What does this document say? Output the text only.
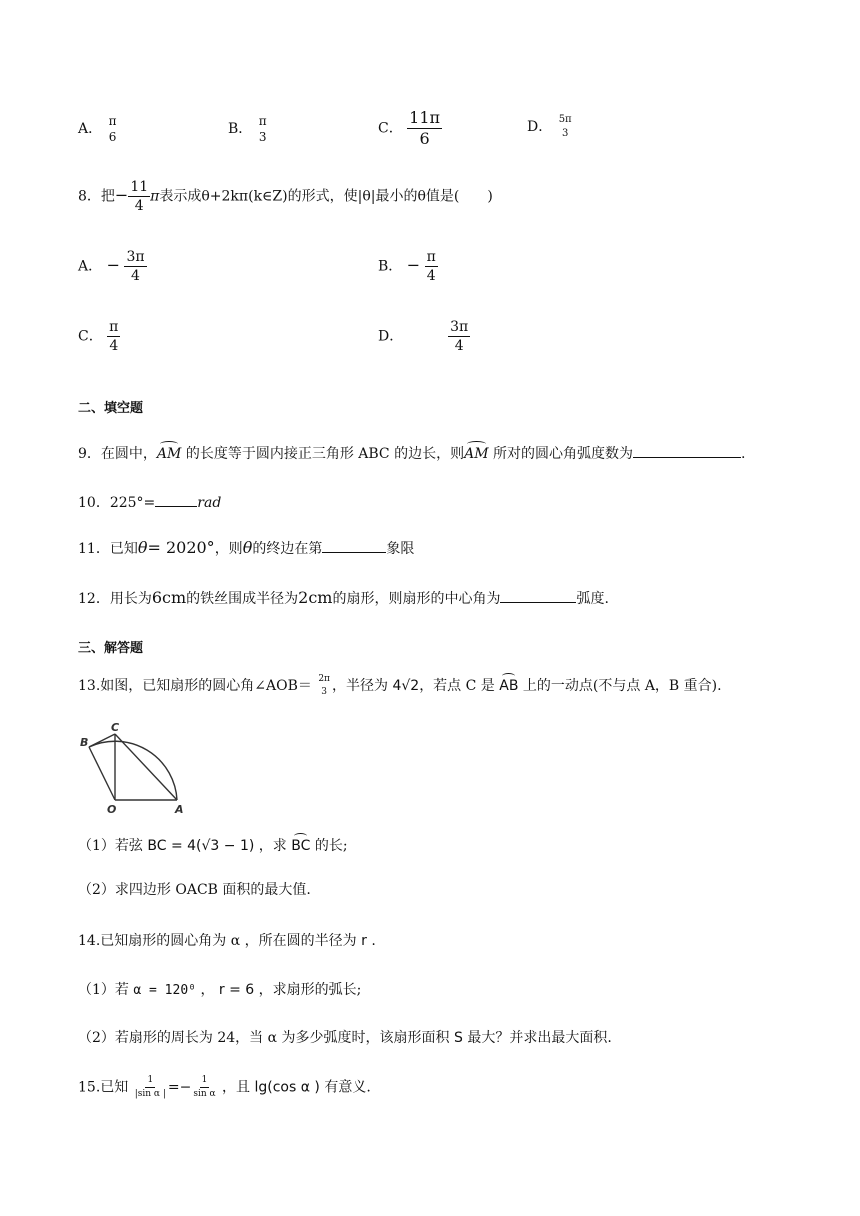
A． π
6	B． π
3
C． $\frac{11\pi}{6}$	D． 5π
3
8．把− $\frac{11}{4}$ π表示成θ+2kπ(k∈Z)的形式，使|θ|最小的θ值是(　　)
A． − $\frac{3\pi}{4}$	B． − $\frac{\pi}{4}$
C． $\frac{\pi}{4}$	D．	$\frac{3\pi}{4}$
二、填空题
9．在圆中，AM 的长度等于圆内接正三角形 ABC 的边长，则AM 所对的圆心角弧度数为	.
10．225°=	rad
11．已知θ= 2020°，则θ的终边在第	象限
12．用长为6cm的铁丝围成半径为2cm的扇形，则扇形的中心角为	弧度.
三、解答题
13.如图，已知扇形的圆心角∠AOB＝ 2π
3 ，半径为 4√2，若点 C 是 AB 上的一动点(不与点 A，B 重合).
B
C
O	A
（1）若弦 BC = 4(√3 − 1) ，求 BC 的长;
（2）求四边形 OACB 面积的最大值.
14.已知扇形的圆心角为 α ，所在圆的半径为 r .
（1）若 α = 120⁰ ， r = 6 ，求扇形的弧长;
（2）若扇形的周长为 24，当 α 为多少弧度时，该扇形面积 S 最大？并求出最大面积.
15.已知 $\frac{1}{\text{|sin α |}} =- \frac{1}{\text{sin α}}$ ，且 lg(cos α ) 有意义.
